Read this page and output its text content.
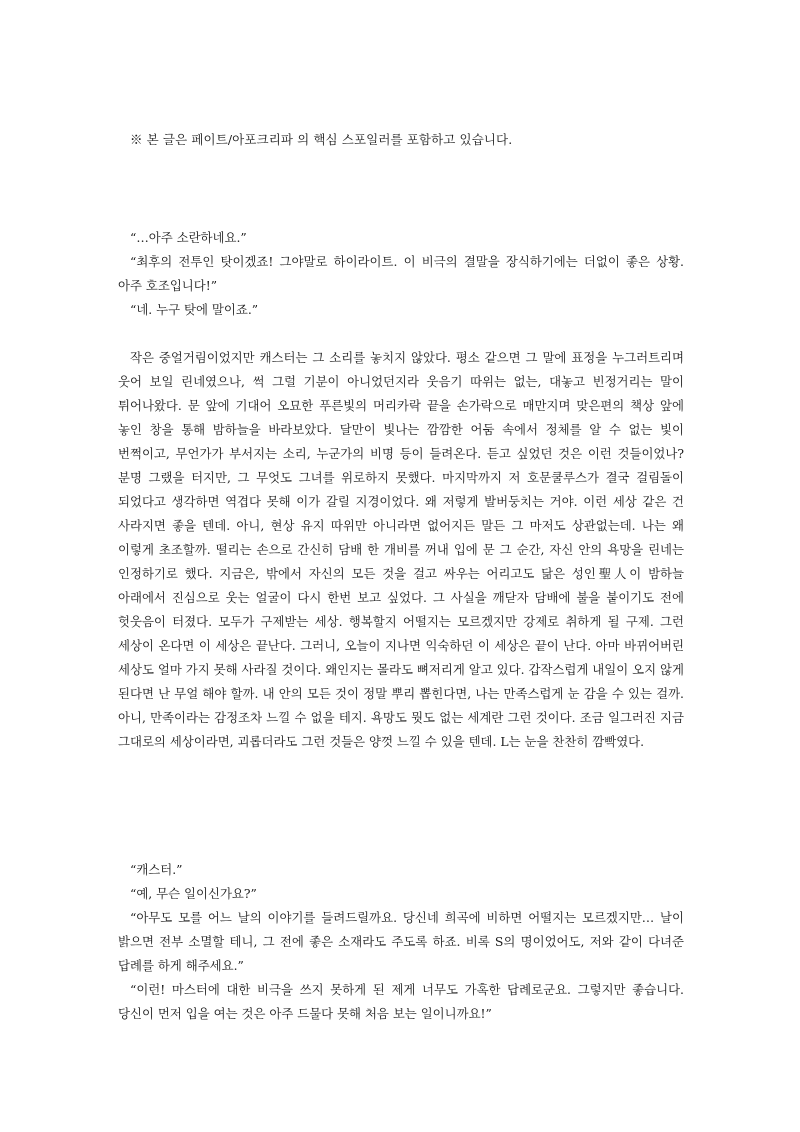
※ 본 글은 페이트/아포크리파 의 핵심 스포일러를 포함하고 있습니다.

“…아주 소란하네요.”

“최후의 전투인 탓이겠죠! 그야말로 하이라이트. 이 비극의 결말을 장식하기에는 더없이 좋은 상황. 아주 호조입니다!”

“네. 누구 탓에 말이죠.”

작은 중얼거림이었지만 캐스터는 그 소리를 놓치지 않았다. 평소 같으면 그 말에 표정을 누그러트리며 웃어 보일 린네였으나, 썩 그럴 기분이 아니었던지라 웃음기 따위는 없는, 대놓고 빈정거리는 말이 튀어나왔다. 문 앞에 기대어 오묘한 푸른빛의 머리카락 끝을 손가락으로 매만지며 맞은편의 책상 앞에 놓인 창을 통해 밤하늘을 바라보았다. 달만이 빛나는 깜깜한 어둠 속에서 정체를 알 수 없는 빛이 번쩍이고, 무언가가 부서지는 소리, 누군가의 비명 등이 들려온다. 듣고 싶었던 것은 이런 것들이었나? 분명 그랬을 터지만, 그 무엇도 그녀를 위로하지 못했다. 마지막까지 저 호문쿨루스가 결국 걸림돌이 되었다고 생각하면 역겹다 못해 이가 갈릴 지경이었다. 왜 저렇게 발버둥치는 거야. 이런 세상 같은 건 사라지면 좋을 텐데. 아니, 현상 유지 따위만 아니라면 없어지든 말든 그 마저도 상관없는데. 나는 왜 이렇게 초조할까. 떨리는 손으로 간신히 담배 한 개비를 꺼내 입에 문 그 순간, 자신 안의 욕망을 린네는 인정하기로 했다. 지금은, 밖에서 자신의 모든 것을 걸고 싸우는 어리고도 닮은 성인聖人이 밤하늘 아래에서 진심으로 웃는 얼굴이 다시 한번 보고 싶었다. 그 사실을 깨닫자 담배에 불을 붙이기도 전에 헛웃음이 터졌다. 모두가 구제받는 세상. 행복할지 어떨지는 모르겠지만 강제로 취하게 될 구제. 그런 세상이 온다면 이 세상은 끝난다. 그러니, 오늘이 지나면 익숙하던 이 세상은 끝이 난다. 아마 바뀌어버린 세상도 얼마 가지 못해 사라질 것이다. 왜인지는 몰라도 뼈저리게 알고 있다. 갑작스럽게 내일이 오지 않게 된다면 난 무얼 해야 할까. 내 안의 모든 것이 정말 뿌리 뽑힌다면, 나는 만족스럽게 눈 감을 수 있는 걸까. 아니, 만족이라는 감정조차 느낄 수 없을 테지. 욕망도 뭣도 없는 세계란 그런 것이다. 조금 일그러진 지금 그대로의 세상이라면, 괴롭더라도 그런 것들은 양껏 느낄 수 있을 텐데. L는 눈을 찬찬히 깜빡였다.

“캐스터.”

“예, 무슨 일이신가요?”

“아무도 모를 어느 날의 이야기를 들려드릴까요. 당신네 희곡에 비하면 어떨지는 모르겠지만… 날이 밝으면 전부 소멸할 테니, 그 전에 좋은 소재라도 주도록 하죠. 비록 S의 명이었어도, 저와 같이 다녀준 답례를 하게 해주세요.”

“이런! 마스터에 대한 비극을 쓰지 못하게 된 제게 너무도 가혹한 답례로군요. 그렇지만 좋습니다. 당신이 먼저 입을 여는 것은 아주 드물다 못해 처음 보는 일이니까요!”
